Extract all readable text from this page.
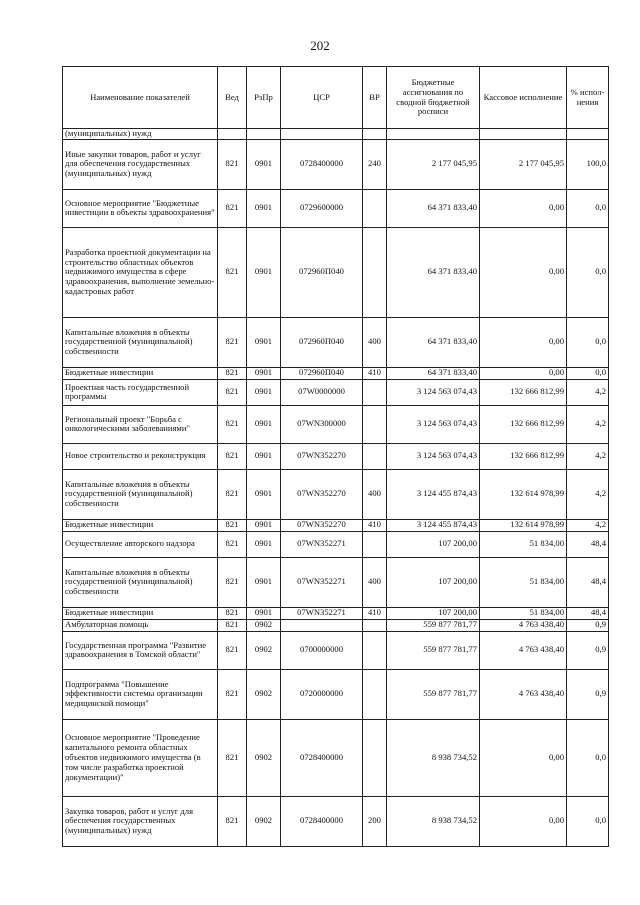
202
Наименование показателей	Вед	РзПр	ЦСР	ВР	Бюджетные ассигнования по сводной бюджетной росписи	Кассовое исполнение	% испол-нения
(муниципальных) нужд							
Иные закупки товаров, работ и услуг для обеспечения государственных (муниципальных) нужд	821	0901	0728400000	240	2 177 045,95	2 177 045,95	100,0
Основное мероприятие "Бюджетные инвестиции в объекты здравоохранения"	821	0901	0729600000		64 371 833,40	0,00	0,0
Разработка проектной документации на строительство областных объектов недвижимого имущества в сфере здравоохранения, выполнение земельно-кадастровых работ	821	0901	072960П040		64 371 833,40	0,00	0,0
Капитальные вложения в объекты государственной (муниципальной) собственности	821	0901	072960П040	400	64 371 833,40	0,00	0,0
Бюджетные инвестиции	821	0901	072960П040	410	64 371 833,40	0,00	0,0
Проектная часть государственной программы	821	0901	07W0000000		3 124 563 074,43	132 666 812,99	4,2
Региональный проект "Борьба с онкологическими заболеваниями"	821	0901	07WN300000		3 124 563 074,43	132 666 812,99	4,2
Новое строительство и реконструкция	821	0901	07WN352270		3 124 563 074,43	132 666 812,99	4,2
Капитальные вложения в объекты государственной (муниципальной) собственности	821	0901	07WN352270	400	3 124 455 874,43	132 614 978,99	4,2
Бюджетные инвестиции	821	0901	07WN352270	410	3 124 455 874,43	132 614 978,99	4,2
Осуществление авторского надзора	821	0901	07WN352271		107 200,00	51 834,00	48,4
Капитальные вложения в объекты государственной (муниципальной) собственности	821	0901	07WN352271	400	107 200,00	51 834,00	48,4
Бюджетные инвестиции	821	0901	07WN352271	410	107 200,00	51 834,00	48,4
Амбулаторная помощь	821	0902			559 877 781,77	4 763 438,40	0,9
Государственная программа "Развитие здравоохранения в Томской области"	821	0902	0700000000		559 877 781,77	4 763 438,40	0,9
Подпрограмма "Повышение эффективности системы организации медицинской помощи"	821	0902	0720000000		559 877 781,77	4 763 438,40	0,9
Основное мероприятие "Проведение капитального ремонта областных объектов недвижимого имущества (в том числе разработка проектной документации)"	821	0902	0728400000		8 938 734,52	0,00	0,0
Закупка товаров, работ и услуг для обеспечения государственных (муниципальных) нужд	821	0902	0728400000	200	8 938 734,52	0,00	0,0
